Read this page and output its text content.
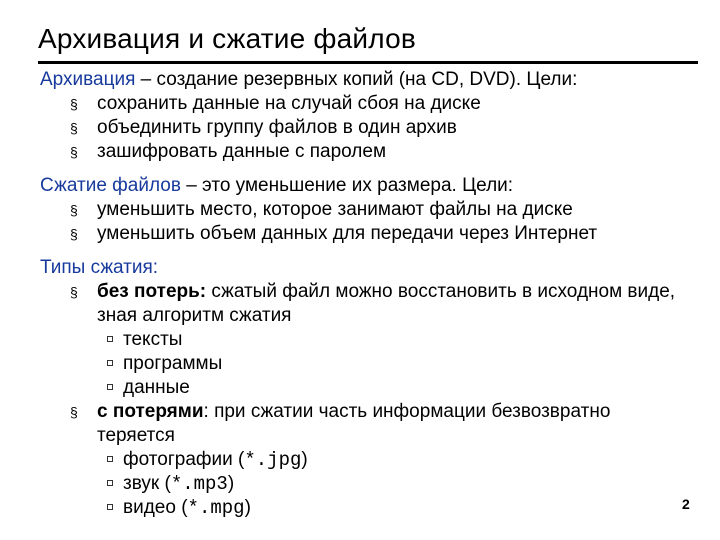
Архивация и сжатие файлов
Архивация – создание резервных копий (на CD, DVD). Цели:
§ сохранить данные на случай сбоя на диске
§ объединить группу файлов в один архив
§ зашифровать данные с паролем
Сжатие файлов – это уменьшение их размера. Цели:
§ уменьшить место, которое занимают файлы на диске
§ уменьшить объем данных для передачи через Интернет
Типы сжатия:
§ без потерь: сжатый файл можно восстановить в исходном виде, зная алгоритм сжатия
тексты
программы
данные
§ с потерями: при сжатии часть информации безвозвратно теряется
фотографии (*.jpg)
звук (*.mp3)
видео (*.mpg)	2
